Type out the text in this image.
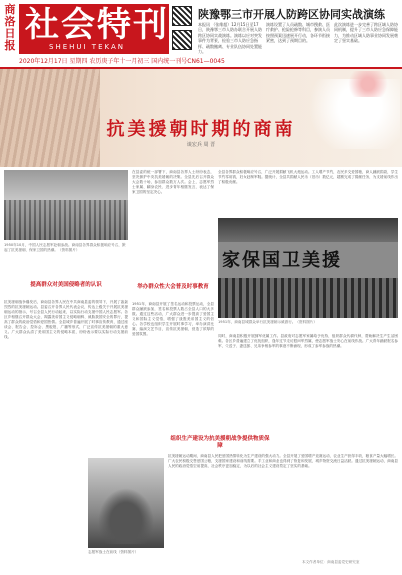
商洛日报
社会特刊
SHEHUI TEKAN
2020年12月17日 星期四 农历庚子年十一月初三 国内统一刊号CN61—0045
陕豫鄂三市开展人防跨区协同实战演练
本报讯 （张维超）12月15日至17日，陕豫鄂三市人防办联合开展人防跨区协同实战演练。演练以应对突发事件为背景，检验三市人防应急指挥、疏散撤离、专业队伍协同处置能力。
演练设置了人员疏散、城市搜救、医疗救护、抢险抢修等科目，参演人员按照预案迅速展开行动，各环节衔接紧密，达到了预期目的。
此次演练进一步完善了跨区域人防协同机制，提升了三市人防应急保障能力，为推动区域人防事业协同发展奠定了坚实基础。
抗美援朝时期的商南
谈宏兵 周 晋
1950年10月，中国人民志愿军赴朝参战。商南县各界群众积极响应号召，掀起了抗美援朝、保家卫国的热潮。（资料图片）
提高群众对美国侵略者的认识
抗美援朝战争爆发后，商南县各界人民在中共商南县委的领导下，开展了轰轰烈烈的抗美援朝运动。县委召开各界人民代表会议，传达上级关于开展抗美援朝运动的指示，号召全县人民行动起来，以实际行动支援中国人民志愿军。各区乡相继召开群众大会，揭露美帝国主义侵略朝鲜、威胁我国安全的罪行，提高了群众的政治觉悟和爱国热情。全县城乡普遍开展了时事宣传教育，通过座谈会、报告会、控诉会、黑板报、广播等形式，广泛宣传抗美援朝的重大意义。广大群众认清了美帝国主义的侵略本质，纷纷表示要以实际行动支援前线。
在县委的统一部署下，商南县各界人士纷纷表态，坚决拥护中央抗美援朝的决策。全县先后召开群众大会数十场，参加群众数万人次。会上，志愿军烈士家属、翻身农民、进步青年相继发言，表达了保家卫国的坚定决心。
举办群众性大会普及时事教育
1951年，商南县开展了签名运动和投票运动，全县群众踊跃参加，签名和投票人数占全县人口的大多数。通过这些活动，广大群众进一步提高了爱国主义和国际主义觉悟，增强了战胜美帝国主义的信心。各学校也组织学生开展时事学习，举办演讲比赛，编演文艺节目，宣传抗美援朝，营造了浓厚的爱国氛围。
志愿军战士在前线（资料图片）
全县各界群众积极响应号召，广泛开展捐献飞机大炮运动。工人增产节约，农民多交爱国粮，商人踊跃捐款，学生节约零用钱，妇女赶制军鞋。据统计，全县共捐献人民币（旧币）数亿元，超额完成了捐献任务，为支援前线作出了积极贡献。
家保国卫美援
1951年，商南县城群众举行抗美援朝示威游行。（资料图片）
同时，商南县积极开展拥军优属工作。县政府对志愿军家属给予优待，组织群众代耕代种，帮助解决生产生活困难。各区乡普遍建立了优抚组织，逢年过节走访慰问军烈属，使志愿军战士安心在前线作战。广大青年踊跃报名参军，父送子、妻送郎、兄弟争相参军的事迹不断涌现，形成了参军参战的热潮。
组织生产建设为抗美援朝战争提供物质保障
抗美援朝运动期间，商南县人民把爱国热情转化为生产建设的强大动力。全县开展了爱国增产竞赛运动，农业生产获得丰收，粮食产量大幅增长。广大农民积极交售爱国公粮，支援国家建设和前线需要。手工业和商业也得到了恢复和发展，城乡物资交流日益活跃。通过抗美援朝运动，商南县人民的政治觉悟空前提高，社会秩序更加稳定，为以后的社会主义建设奠定了坚实的基础。
本文作者单位：商南县委党史研究室
